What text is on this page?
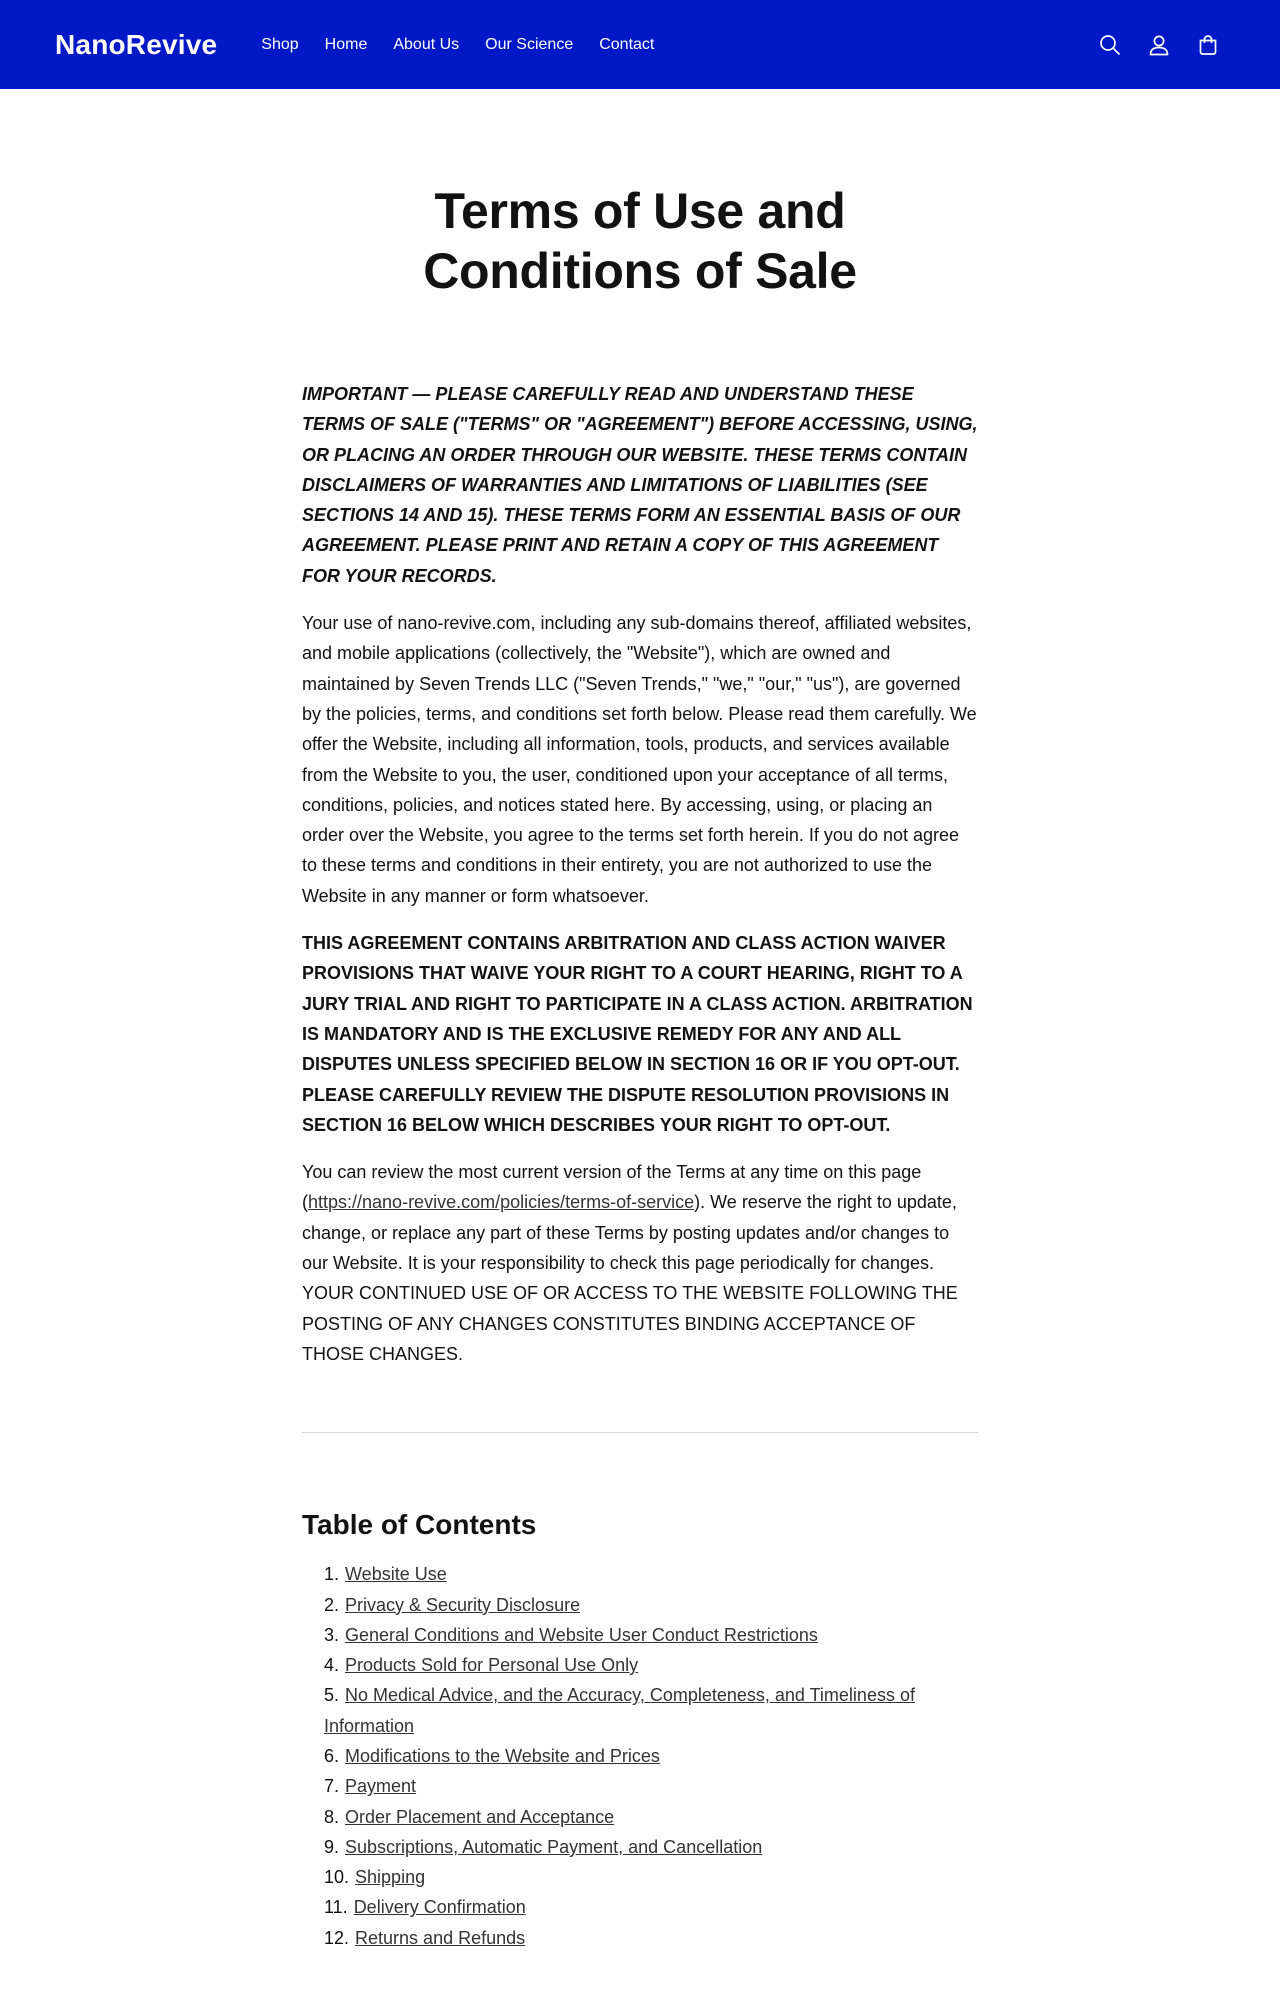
NanoRevive	Shop Home About Us Our Science Contact
Terms of Use and Conditions of Sale

IMPORTANT — PLEASE CAREFULLY READ AND UNDERSTAND THESE TERMS OF SALE ("TERMS" OR "AGREEMENT") BEFORE ACCESSING, USING, OR PLACING AN ORDER THROUGH OUR WEBSITE. THESE TERMS CONTAIN DISCLAIMERS OF WARRANTIES AND LIMITATIONS OF LIABILITIES (SEE SECTIONS 14 AND 15). THESE TERMS FORM AN ESSENTIAL BASIS OF OUR AGREEMENT. PLEASE PRINT AND RETAIN A COPY OF THIS AGREEMENT FOR YOUR RECORDS.

Your use of nano-revive.com, including any sub-domains thereof, affiliated websites, and mobile applications (collectively, the "Website"), which are owned and maintained by Seven Trends LLC ("Seven Trends," "we," "our," "us"), are governed by the policies, terms, and conditions set forth below. Please read them carefully. We offer the Website, including all information, tools, products, and services available from the Website to you, the user, conditioned upon your acceptance of all terms, conditions, policies, and notices stated here. By accessing, using, or placing an order over the Website, you agree to the terms set forth herein. If you do not agree to these terms and conditions in their entirety, you are not authorized to use the Website in any manner or form whatsoever.

THIS AGREEMENT CONTAINS ARBITRATION AND CLASS ACTION WAIVER PROVISIONS THAT WAIVE YOUR RIGHT TO A COURT HEARING, RIGHT TO A JURY TRIAL AND RIGHT TO PARTICIPATE IN A CLASS ACTION. ARBITRATION IS MANDATORY AND IS THE EXCLUSIVE REMEDY FOR ANY AND ALL DISPUTES UNLESS SPECIFIED BELOW IN SECTION 16 OR IF YOU OPT-OUT. PLEASE CAREFULLY REVIEW THE DISPUTE RESOLUTION PROVISIONS IN SECTION 16 BELOW WHICH DESCRIBES YOUR RIGHT TO OPT-OUT.

You can review the most current version of the Terms at any time on this page (https://nano-revive.com/policies/terms-of-service). We reserve the right to update, change, or replace any part of these Terms by posting updates and/or changes to our Website. It is your responsibility to check this page periodically for changes. YOUR CONTINUED USE OF OR ACCESS TO THE WEBSITE FOLLOWING THE POSTING OF ANY CHANGES CONSTITUTES BINDING ACCEPTANCE OF THOSE CHANGES.

Table of Contents
1. Website Use
2. Privacy & Security Disclosure
3. General Conditions and Website User Conduct Restrictions
4. Products Sold for Personal Use Only
5. No Medical Advice, and the Accuracy, Completeness, and Timeliness of Information
6. Modifications to the Website and Prices
7. Payment
8. Order Placement and Acceptance
9. Subscriptions, Automatic Payment, and Cancellation
10. Shipping
11. Delivery Confirmation
12. Returns and Refunds
